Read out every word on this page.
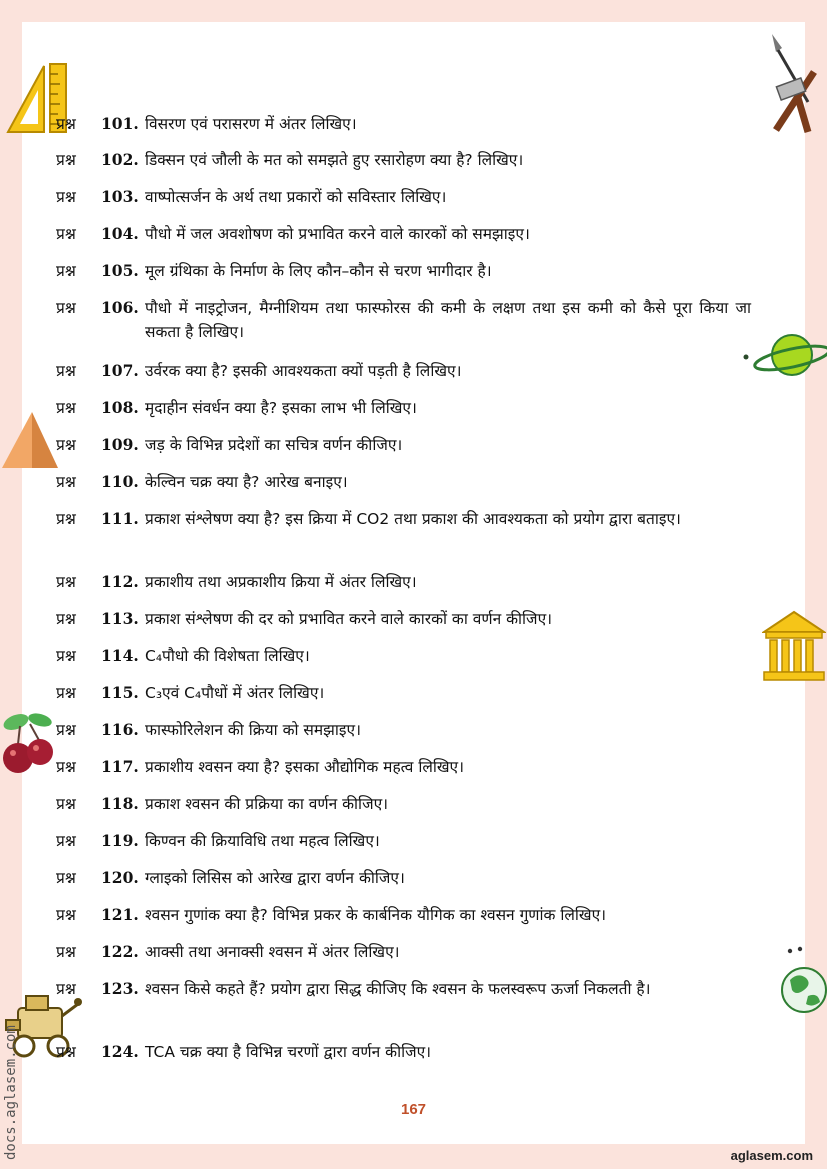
प्रश्न 101. विसरण एवं परासरण में अंतर लिखिए।
प्रश्न 102. डिक्सन एवं जौली के मत को समझते हुए रसारोहण क्या है? लिखिए।
प्रश्न 103. वाष्पोत्सर्जन के अर्थ तथा प्रकारों को सविस्तार लिखिए।
प्रश्न 104. पौधो में जल अवशोषण को प्रभावित करने वाले कारकों को समझाइए।
प्रश्न 105. मूल ग्रंथिका के निर्माण के लिए कौन–कौन से चरण भागीदार है।
प्रश्न 106. पौधो में नाइट्रोजन, मैग्नीशियम तथा फास्फोरस की कमी के लक्षण तथा इस कमी को कैसे पूरा किया जा सकता है लिखिए।
प्रश्न 107. उर्वरक क्या है? इसकी आवश्यकता क्यों पड़ती है लिखिए।
प्रश्न 108. मृदाहीन संवर्धन क्या है? इसका लाभ भी लिखिए।
प्रश्न 109. जड़ के विभिन्न प्रदेशों का सचित्र वर्णन कीजिए।
प्रश्न 110. केल्विन चक्र क्या है? आरेख बनाइए।
प्रश्न 111. प्रकाश संश्लेषण क्या है? इस क्रिया में CO2 तथा प्रकाश की आवश्यकता को प्रयोग द्वारा बताइए।
प्रश्न 112. प्रकाशीय तथा अप्रकाशीय क्रिया में अंतर लिखिए।
प्रश्न 113. प्रकाश संश्लेषण की दर को प्रभावित करने वाले कारकों का वर्णन कीजिए।
प्रश्न 114. C₄पौधो की विशेषता लिखिए।
प्रश्न 115. C₃एवं C₄पौधों में अंतर लिखिए।
प्रश्न 116. फास्फोरिलेशन की क्रिया को समझाइए।
प्रश्न 117. प्रकाशीय श्वसन क्या है? इसका औद्योगिक महत्व लिखिए।
प्रश्न 118. प्रकाश श्वसन की प्रक्रिया का वर्णन कीजिए।
प्रश्न 119. किण्वन की क्रियाविधि तथा महत्व लिखिए।
प्रश्न 120. ग्लाइको लिसिस को आरेख द्वारा वर्णन कीजिए।
प्रश्न 121. श्वसन गुणांक क्या है? विभिन्न प्रकर के कार्बनिक यौगिक का श्वसन गुणांक लिखिए।
प्रश्न 122. आक्सी तथा अनाक्सी श्वसन में अंतर लिखिए।
प्रश्न 123. श्वसन किसे कहते हैं? प्रयोग द्वारा सिद्ध कीजिए कि श्वसन के फलस्वरूप ऊर्जा निकलती है।
प्रश्न 124. TCA चक्र क्या है विभिन्न चरणों द्वारा वर्णन कीजिए।
167
aglasem.com
docs.aglasem.com
